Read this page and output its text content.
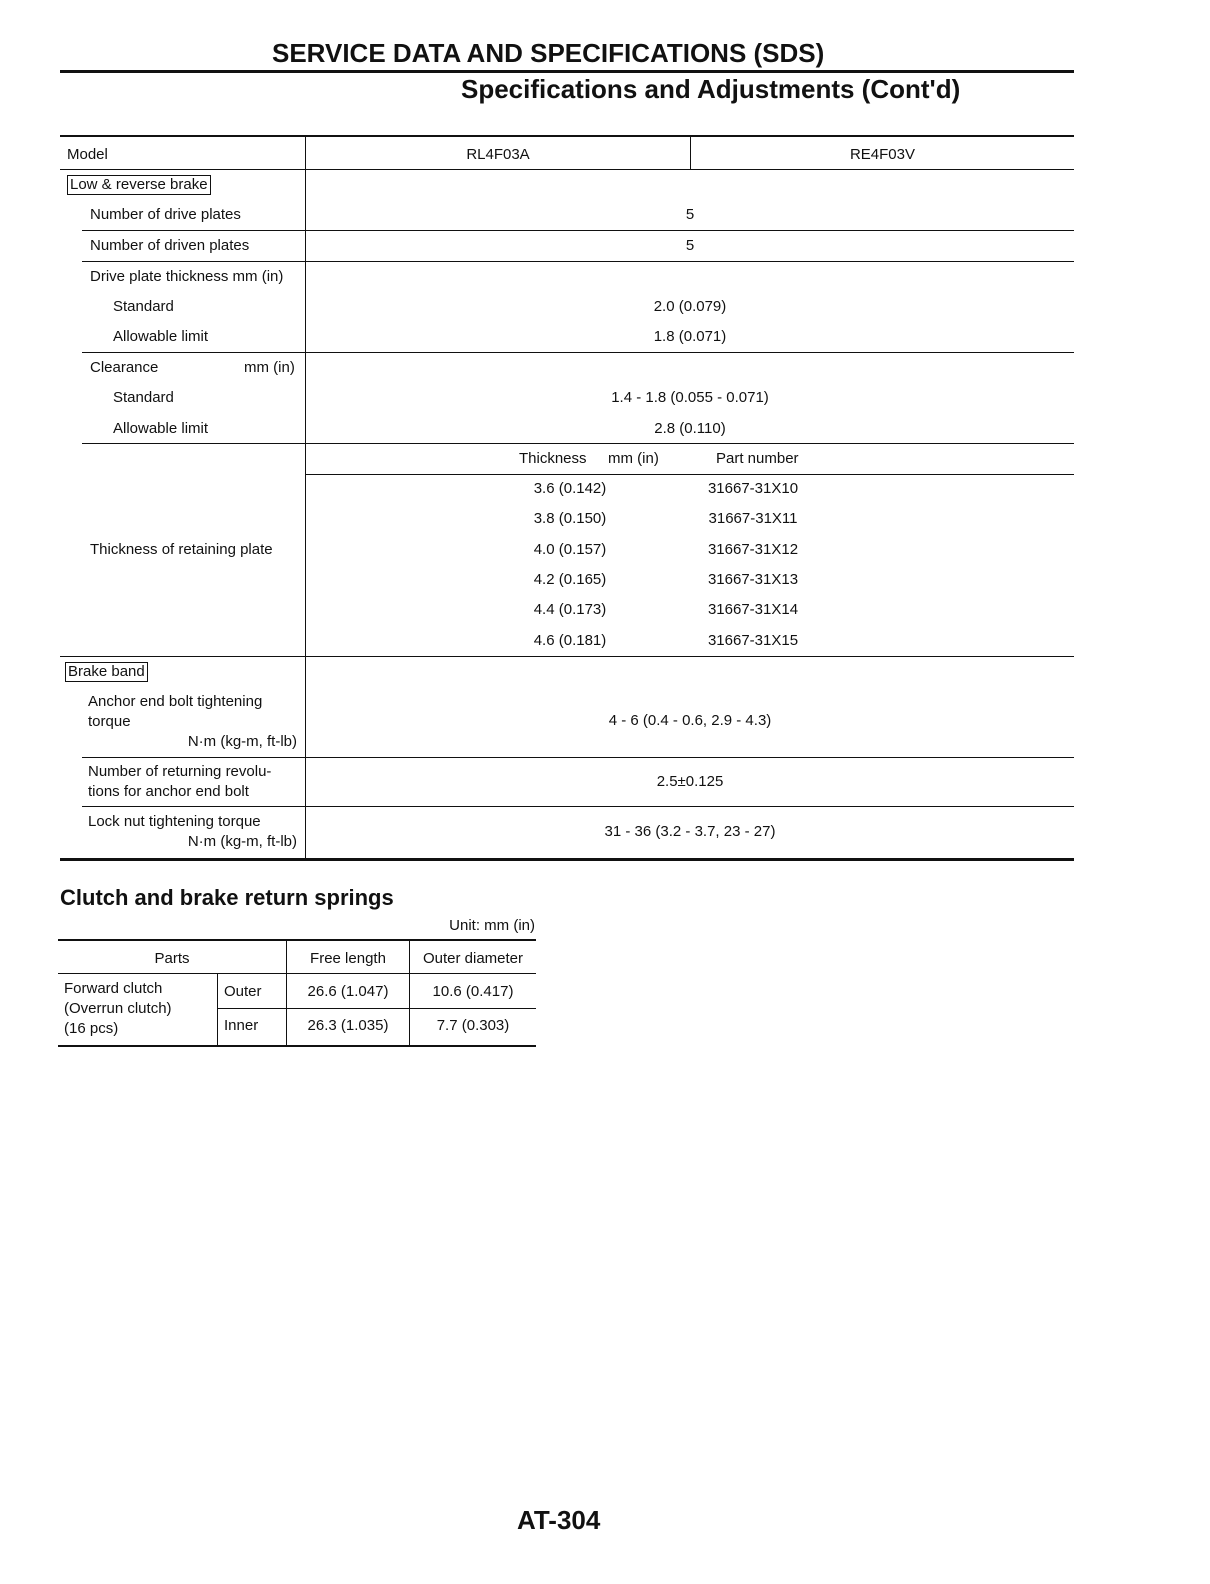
SERVICE DATA AND SPECIFICATIONS (SDS)
Specifications and Adjustments (Cont'd)
Model	RL4F03A	RE4F03V
Low & reverse brake
Number of drive plates	5
Number of driven plates	5
Drive plate thickness mm (in)
Standard	2.0 (0.079)
Allowable limit	1.8 (0.071)
Clearance	mm (in)
Standard	1.4 - 1.8 (0.055 - 0.071)
Allowable limit	2.8 (0.110)
Thickness mm (in)	Part number
Thickness of retaining plate
3.6 (0.142)	31667-31X10
3.8 (0.150)	31667-31X11
4.0 (0.157)	31667-31X12
4.2 (0.165)	31667-31X13
4.4 (0.173)	31667-31X14
4.6 (0.181)	31667-31X15
Brake band
Anchor end bolt tightening
torque
N·m (kg-m, ft-lb)
4 - 6 (0.4 - 0.6, 2.9 - 4.3)
Number of returning revolu-
tions for anchor end bolt
2.5±0.125
Lock nut tightening torque
N·m (kg-m, ft-lb)
31 - 36 (3.2 - 3.7, 23 - 27)
Clutch and brake return springs
Unit: mm (in)
Parts	Free length	Outer diameter
Forward clutch
(Overrun clutch)
(16 pcs)
Outer	26.6 (1.047)	10.6 (0.417)
Inner	26.3 (1.035)	7.7 (0.303)
AT-304
